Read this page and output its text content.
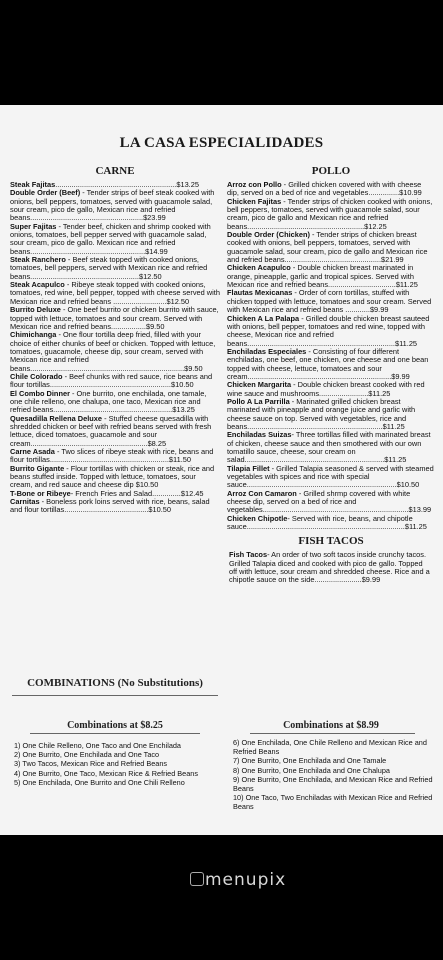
LA CASA ESPECIALIDADES
CARNE

Steak Fajitas...........................................................$13.25

Double Order (Beef) - Tender strips of beef steak cooked with onions, bell peppers, tomatoes, served with guacamole salad, sour cream, pico de gallo, Mexican rice and refried beans.......................................................$23.99

Super Fajitas - Tender beef, chicken and shrimp cooked with onions, tomatoes, bell pepper served with guacamole salad, sour cream, pico de gallo. Mexican rice and refried beans........................................................$14.99

Steak Ranchero - Beef steak topped with cooked onions, tomatoes, bell peppers, served with Mexican rice and refried beans.....................................................$12.50

Steak Acapulco - Ribeye steak topped with cooked onions, tomatoes, red wine, bell pepper, topped with cheese served with Mexican rice and refried beans ..........................$12.50

Burrito Deluxe - One beef burrito or chicken burrito with sauce, topped with lettuce, tomatoes and sour cream. Served with Mexican rice and refried beans.................$9.50

Chimichanga - One flour tortilla deep fried, filled with your choice of either chunks of beef or chicken. Topped with lettuce, tomatoes, guacamole, cheese dip, sour cream, served with Mexican rice and refried beans...........................................................................$9.50

Chile Colorado - Beef chunks with red sauce, rice beans and flour tortillas...........................................................$10.50

El Combo Dinner - One burrito, one enchilada, one tamale, one chile relleno, one chalupa, one taco, Mexican rice and refried beans..........................................................$13.25

Quesadilla Rellena Deluxe - Stuffed cheese quesadilla with shredded chicken or beef with refried beans served with fresh lettuce, diced tomatoes, guacamole and sour cream.........................................................$8.25

Carne Asada - Two slices of ribeye steak with rice, beans and flour tortillas..........................................................$11.50

Burrito Gigante - Flour tortillas with chicken or steak, rice and beans stuffed inside. Topped with lettuce, tomatoes, sour cream, and red sauce and cheese dip $10.50

T-Bone or Ribeye- French Fries and Salad..............$12.45

Carnitas - Boneless pork loins served with rice, beans, salad and flour tortillas.........................................$10.50

POLLO

Arroz con Pollo - Grilled chicken covered with with cheese dip, served on a bed of rice and vegetables...............$10.99

Chicken Fajitas - Tender strips of chicken cooked with onions, bell peppers, tomatoes, served with guacamole salad, sour cream, pico de gallo and Mexican rice and refried beans.........................................................$12.25

Double Order (Chicken) - Tender strips of chicken breast cooked with onions, bell peppers, tomatoes, served with guacamole salad, sour cream, pico de gallo and Mexican rice and refried beans...............................................$21.99

Chicken Acapulco - Double chicken breast marinated in orange, pineapple, garlic and tropical spices. Served with Mexican rice and refried beans.................................$11.25

Flautas Mexicanas - Order of corn tortillas, stuffed with chicken topped with lettuce, tomatoes and sour cream. Served with Mexican rice and refried beans ............$9.99

Chicken A La Palapa - Grilled double chicken breast sauteed with onions, bell pepper, tomatoes and red wine, topped with cheese, Mexican rice and refried beans........................................................................$11.25

Enchiladas Especiales - Consisting of four different enchiladas, one beef, one chicken, one cheese and one bean topped with cheese, lettuce, tomatoes and sour cream......................................................................$9.99

Chicken Margarita - Double chicken breast cooked with red wine sauce and mushrooms........................$11.25

Pollo A La Parrilla - Marinated grilled chicken breast marinated with pineapple and orange juice and garlic with cheese sauce on top. Served with vegetables, rice and beans..................................................................$11.25

Enchiladas Suizas- Three tortillas filled with marinated breast of chicken, cheese sauce and then smothered with our own tomatillo sauce, cheese, sour cream on salad....................................................................$11.25

Tilapia Fillet - Grilled Talapia seasoned & served with steamed vegetables with spices and rice with special sauce.........................................................................$10.50

Arroz Con Camaron - Grilled shrmp covered with white cheese dip, served on a bed of rice and vegetables.......................................................................$13.99

Chicken Chipotle- Served with rice, beans, and chipotle sauce.............................................................................$11.25

FISH TACOS

Fish Tacos- An order of two soft tacos inside crunchy tacos. Grilled Talapia diced and cooked with pico de gallo. Topped off with lettuce, sour cream and shredded cheese. Rice and a chipotle sauce on the side.......................$9.99

COMBINATIONS (No Substitutions)
Combinations at $8.25	Combinations at $8.99
1) One Chile Relleno, One Taco and One Enchilada
2) One Burrito, One Enchilada and One Taco
3) Two Tacos, Mexican Rice and Refried Beans
4) One Burrito, One Taco, Mexican Rice & Refried Beans
5) One Enchilada, One Burrito and One Chili Relleno
6) One Enchilada, One Chile Relleno and Mexican Rice and Refried Beans
7) One Burrito, One Enchilada and One Tamale
8) One Burrito, One Enchilada and One Chalupa
9) One Burrito, One Enchilada, and Mexican Rice and Refried Beans
10) One Taco, Two Enchiladas with Mexican Rice and Refried Beans
menupix
